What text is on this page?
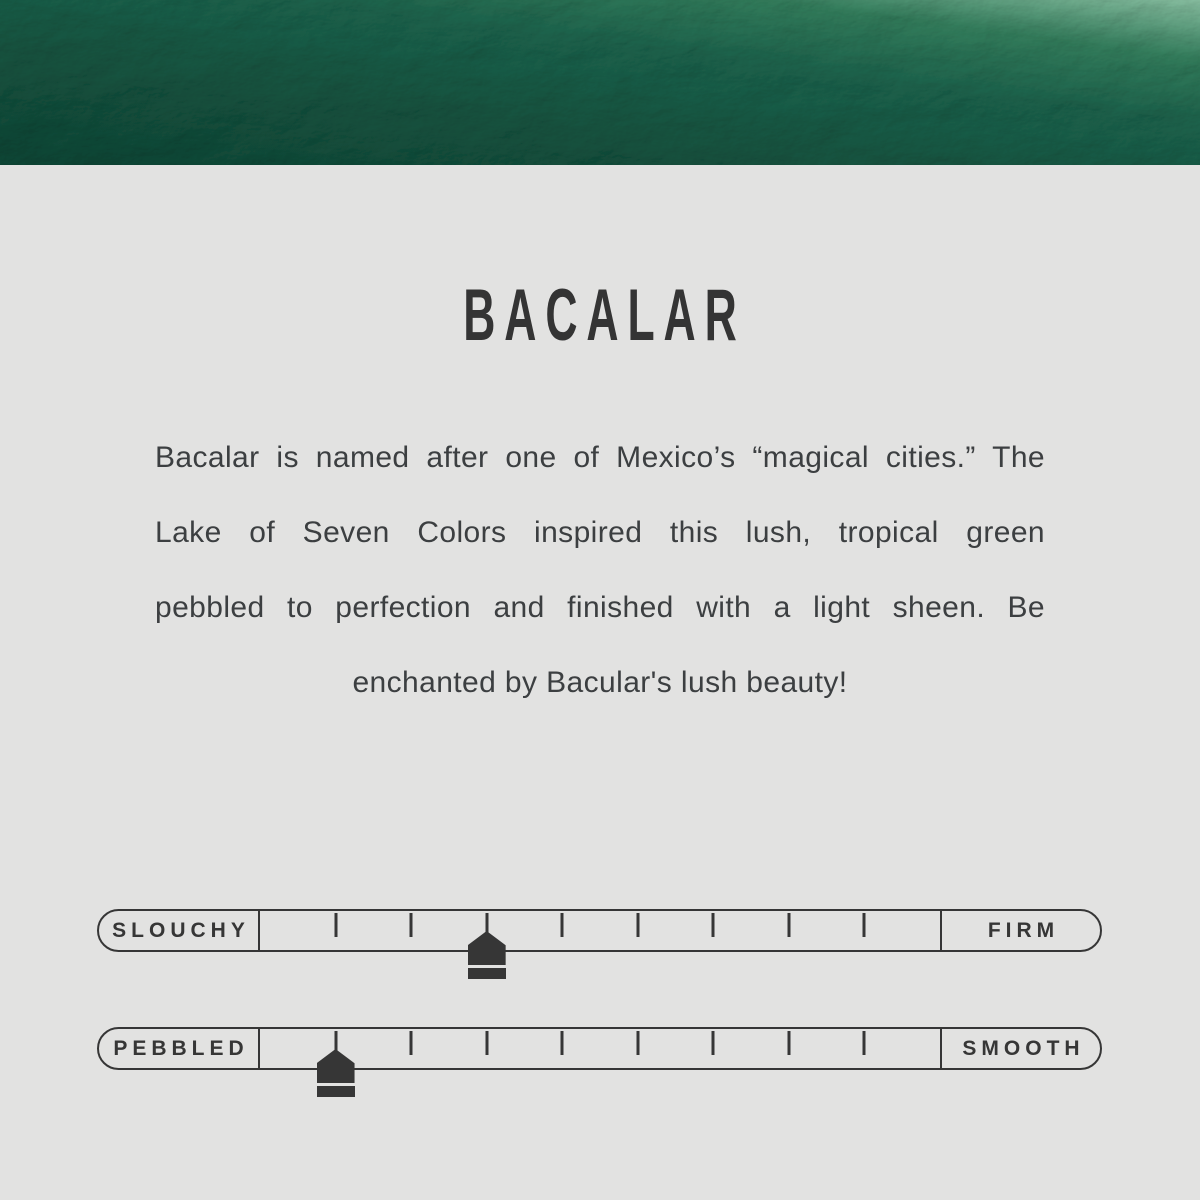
BACALAR

Bacalar is named after one of Mexico’s “magical cities.” The

Lake of Seven Colors inspired this lush, tropical green

pebbled to perfection and finished with a light sheen. Be

enchanted by Bacular's lush beauty!

SLOUCHY	FIRM
PEBBLED	SMOOTH
